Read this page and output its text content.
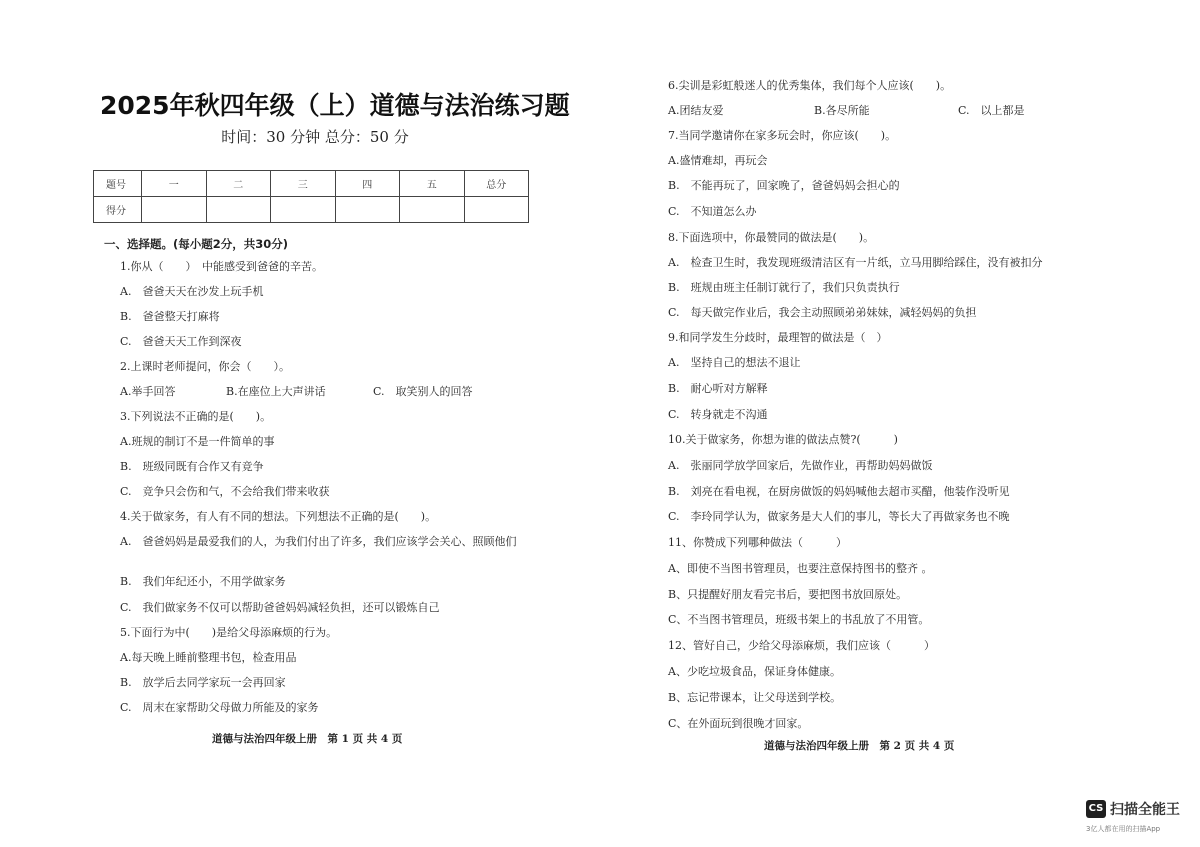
2025年秋四年级（上）道德与法治练习题
时间：30 分钟 总分：50 分
题号	一	二	三	四	五	总分
得分						
一、选择题。(每小题2分，共30分)
1.你从（　　）　中能感受到爸爸的辛苦。
A.　爸爸天天在沙发上玩手机
B.　爸爸整天打麻将
C.　爸爸天天工作到深夜
2.上课时老师提问，你会（　　）。
A.举手回答	B.在座位上大声讲话	C.　取笑别人的回答
3.下列说法不正确的是(　　)。
A.班规的制订不是一件简单的事
B.　班级同既有合作又有竞争
C.　竞争只会伤和气，不会给我们带来收获
4.关于做家务，有人有不同的想法。下列想法不正确的是(　　)。
A.　爸爸妈妈是最爱我们的人，为我们付出了许多，我们应该学会关心、照顾他们
B.　我们年纪还小，不用学做家务
C.　我们做家务不仅可以帮助爸爸妈妈减轻负担，还可以锻炼自己
5.下面行为中(　　)是给父母添麻烦的行为。
A.每天晚上睡前整理书包，检查用品
B.　放学后去同学家玩一会再回家
C.　周末在家帮助父母做力所能及的家务
道德与法治四年级上册　第 1 页 共 4 页
6.尖训是彩虹般迷人的优秀集体，我们每个人应该(　　)。
A.团结友爱	B.各尽所能	C.　以上都是
7.当同学邀请你在家多玩会时，你应该(　　)。
A.盛情难却，再玩会
B.　不能再玩了，回家晚了，爸爸妈妈会担心的
C.　不知道怎么办
8.下面选项中，你最赞同的做法是(　　)。
A.　检查卫生时，我发现班级清洁区有一片纸，立马用脚给踩住，没有被扣分
B.　班规由班主任制订就行了，我们只负责执行
C.　每天做完作业后，我会主动照顾弟弟妹妹，减轻妈妈的负担
9.和同学发生分歧时，最理智的做法是（　）
A.　坚持自己的想法不退让
B.　耐心听对方解释
C.　转身就走不沟通
10.关于做家务，你想为谁的做法点赞?(　　　)
A.　张丽同学放学回家后，先做作业，再帮助妈妈做饭
B.　刘亮在看电视，在厨房做饭的妈妈喊他去超市买醋，他装作没听见
C.　李玲同学认为，做家务是大人们的事儿，等长大了再做家务也不晚
11、你赞成下列哪种做法（　　　）
A、即使不当图书管理员，也要注意保持图书的整齐 。
B、只提醒好朋友看完书后，要把图书放回原处。
C、不当图书管理员，班级书架上的书乱放了不用管。
12、管好自己，少给父母添麻烦，我们应该（　　　）
A、少吃垃圾食品，保证身体健康。
B、忘记带课本，让父母送到学校。
C、在外面玩到很晚才回家。
道德与法治四年级上册　第 2 页 共 4 页
CS 扫描全能王
3亿人都在用的扫描App
